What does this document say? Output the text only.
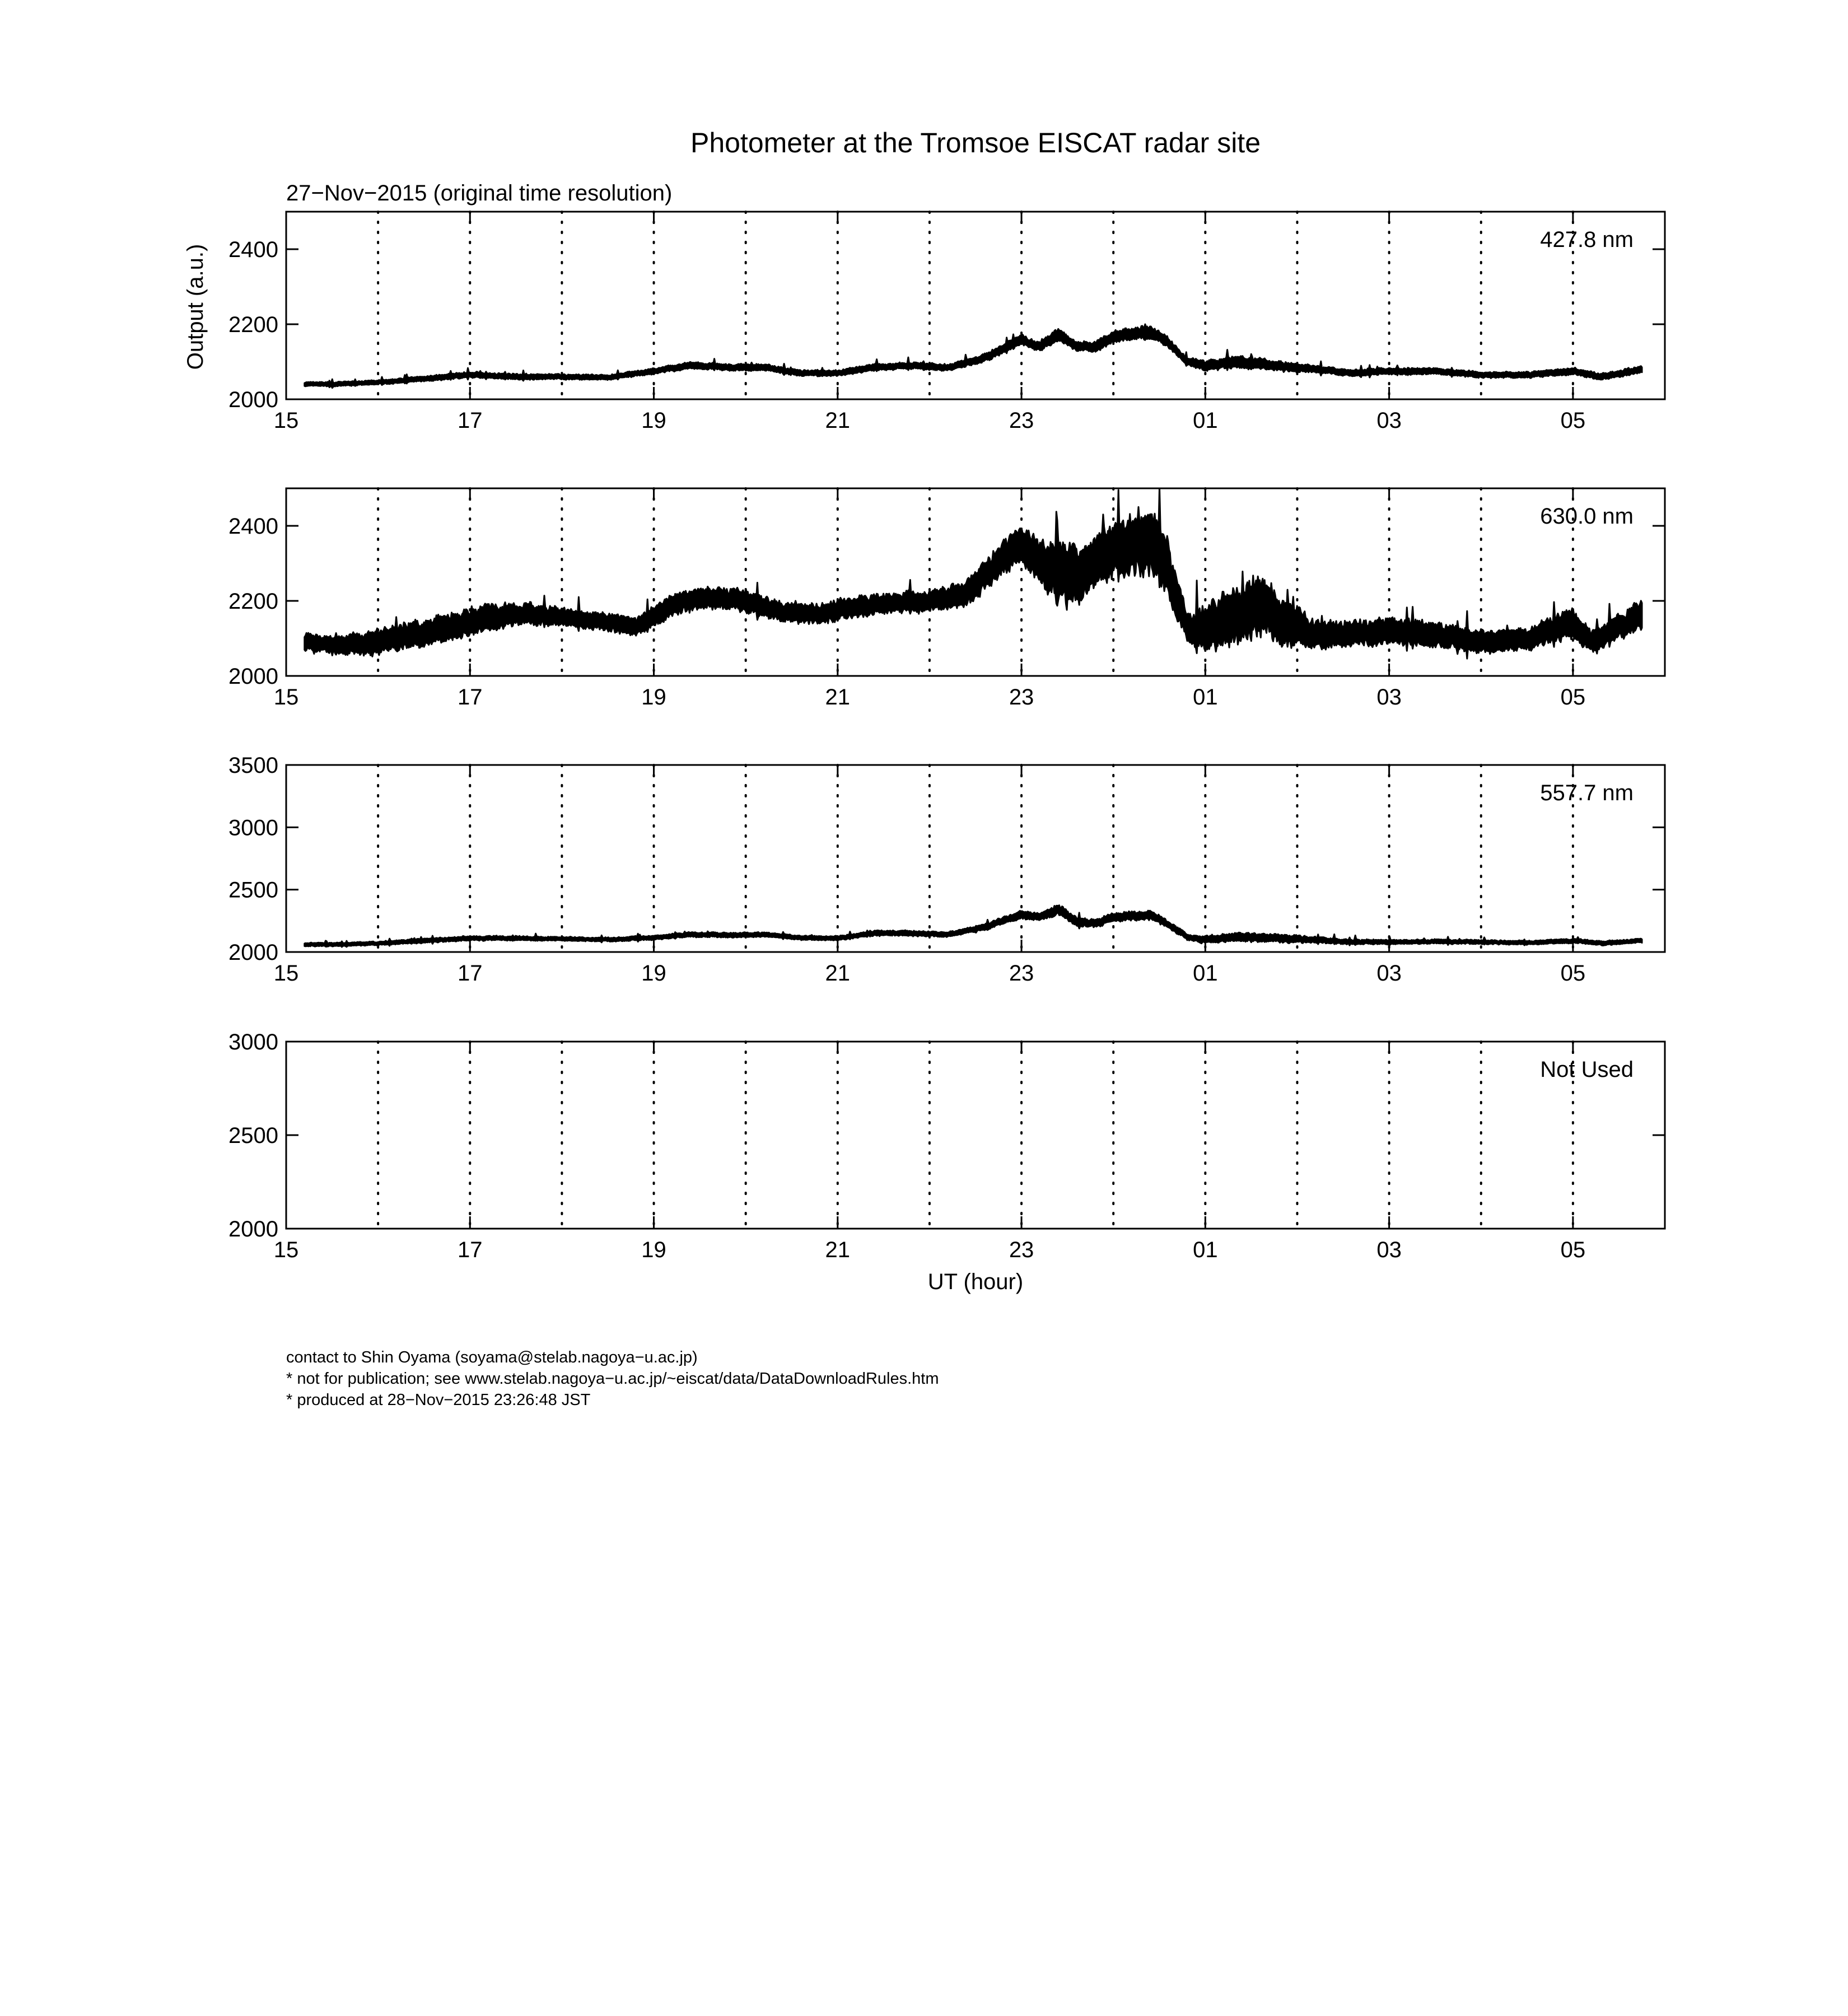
Photometer at the Tromsoe EISCAT radar site
27−Nov−2015 (original time resolution)
Output (a.u.)
2000
2200
2400
15	17	19	21	23	01	03	05
427.8 nm
2000
2200
2400
15	17	19	21	23	01	03	05
630.0 nm
2000
2500
3000
3500
15	17	19	21	23	01	03	05
557.7 nm
2000
2500
3000
15	17	19	21	23	01	03	05
Not Used
UT (hour)
contact to Shin Oyama (soyama@stelab.nagoya−u.ac.jp)
* not for publication; see www.stelab.nagoya−u.ac.jp/~eiscat/data/DataDownloadRules.htm
* produced at 28−Nov−2015 23:26:48 JST
